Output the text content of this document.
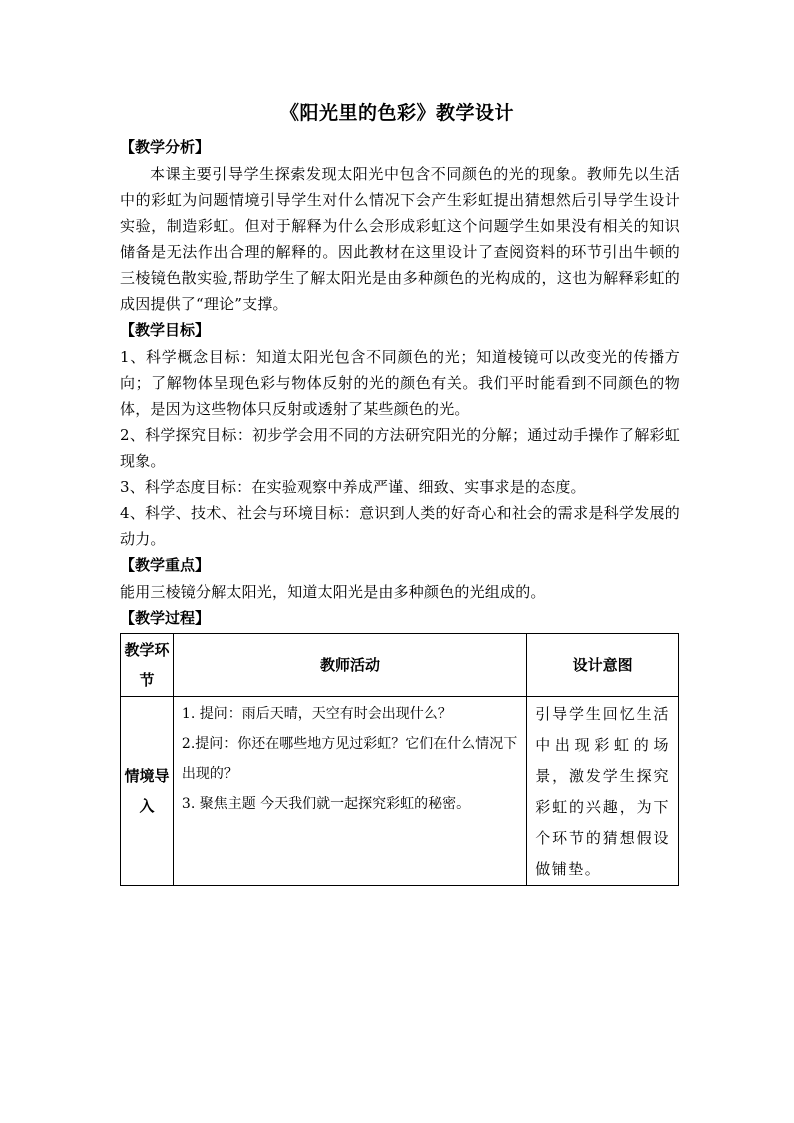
《阳光里的色彩》教学设计
【教学分析】

本课主要引导学生探索发现太阳光中包含不同颜色的光的现象。教师先以生活中的彩虹为问题情境引导学生对什么情况下会产生彩虹提出猜想然后引导学生设计实验，制造彩虹。但对于解释为什么会形成彩虹这个问题学生如果没有相关的知识储备是无法作出合理的解释的。因此教材在这里设计了查阅资料的环节引出牛顿的三棱镜色散实验,帮助学生了解太阳光是由多种颜色的光构成的，这也为解释彩虹的成因提供了“理论”支撑。

【教学目标】

1、科学概念目标：知道太阳光包含不同颜色的光；知道棱镜可以改变光的传播方向；了解物体呈现色彩与物体反射的光的颜色有关。我们平时能看到不同颜色的物体，是因为这些物体只反射或透射了某些颜色的光。

2、科学探究目标：初步学会用不同的方法研究阳光的分解；通过动手操作了解彩虹现象。

3、科学态度目标：在实验观察中养成严谨、细致、实事求是的态度。

4、科学、技术、社会与环境目标：意识到人类的好奇心和社会的需求是科学发展的动力。

【教学重点】

能用三棱镜分解太阳光，知道太阳光是由多种颜色的光组成的。

【教学过程】
教学环节	教师活动	设计意图
情境导入	1. 提问：雨后天晴，天空有时会出现什么？
2.提问：你还在哪些地方见过彩虹？它们在什么情况下出现的？
3. 聚焦主题 今天我们就一起探究彩虹的秘密。	引导学生回忆生活中出现彩虹的场景，激发学生探究彩虹的兴趣，为下个环节的猜想假设做铺垫。
